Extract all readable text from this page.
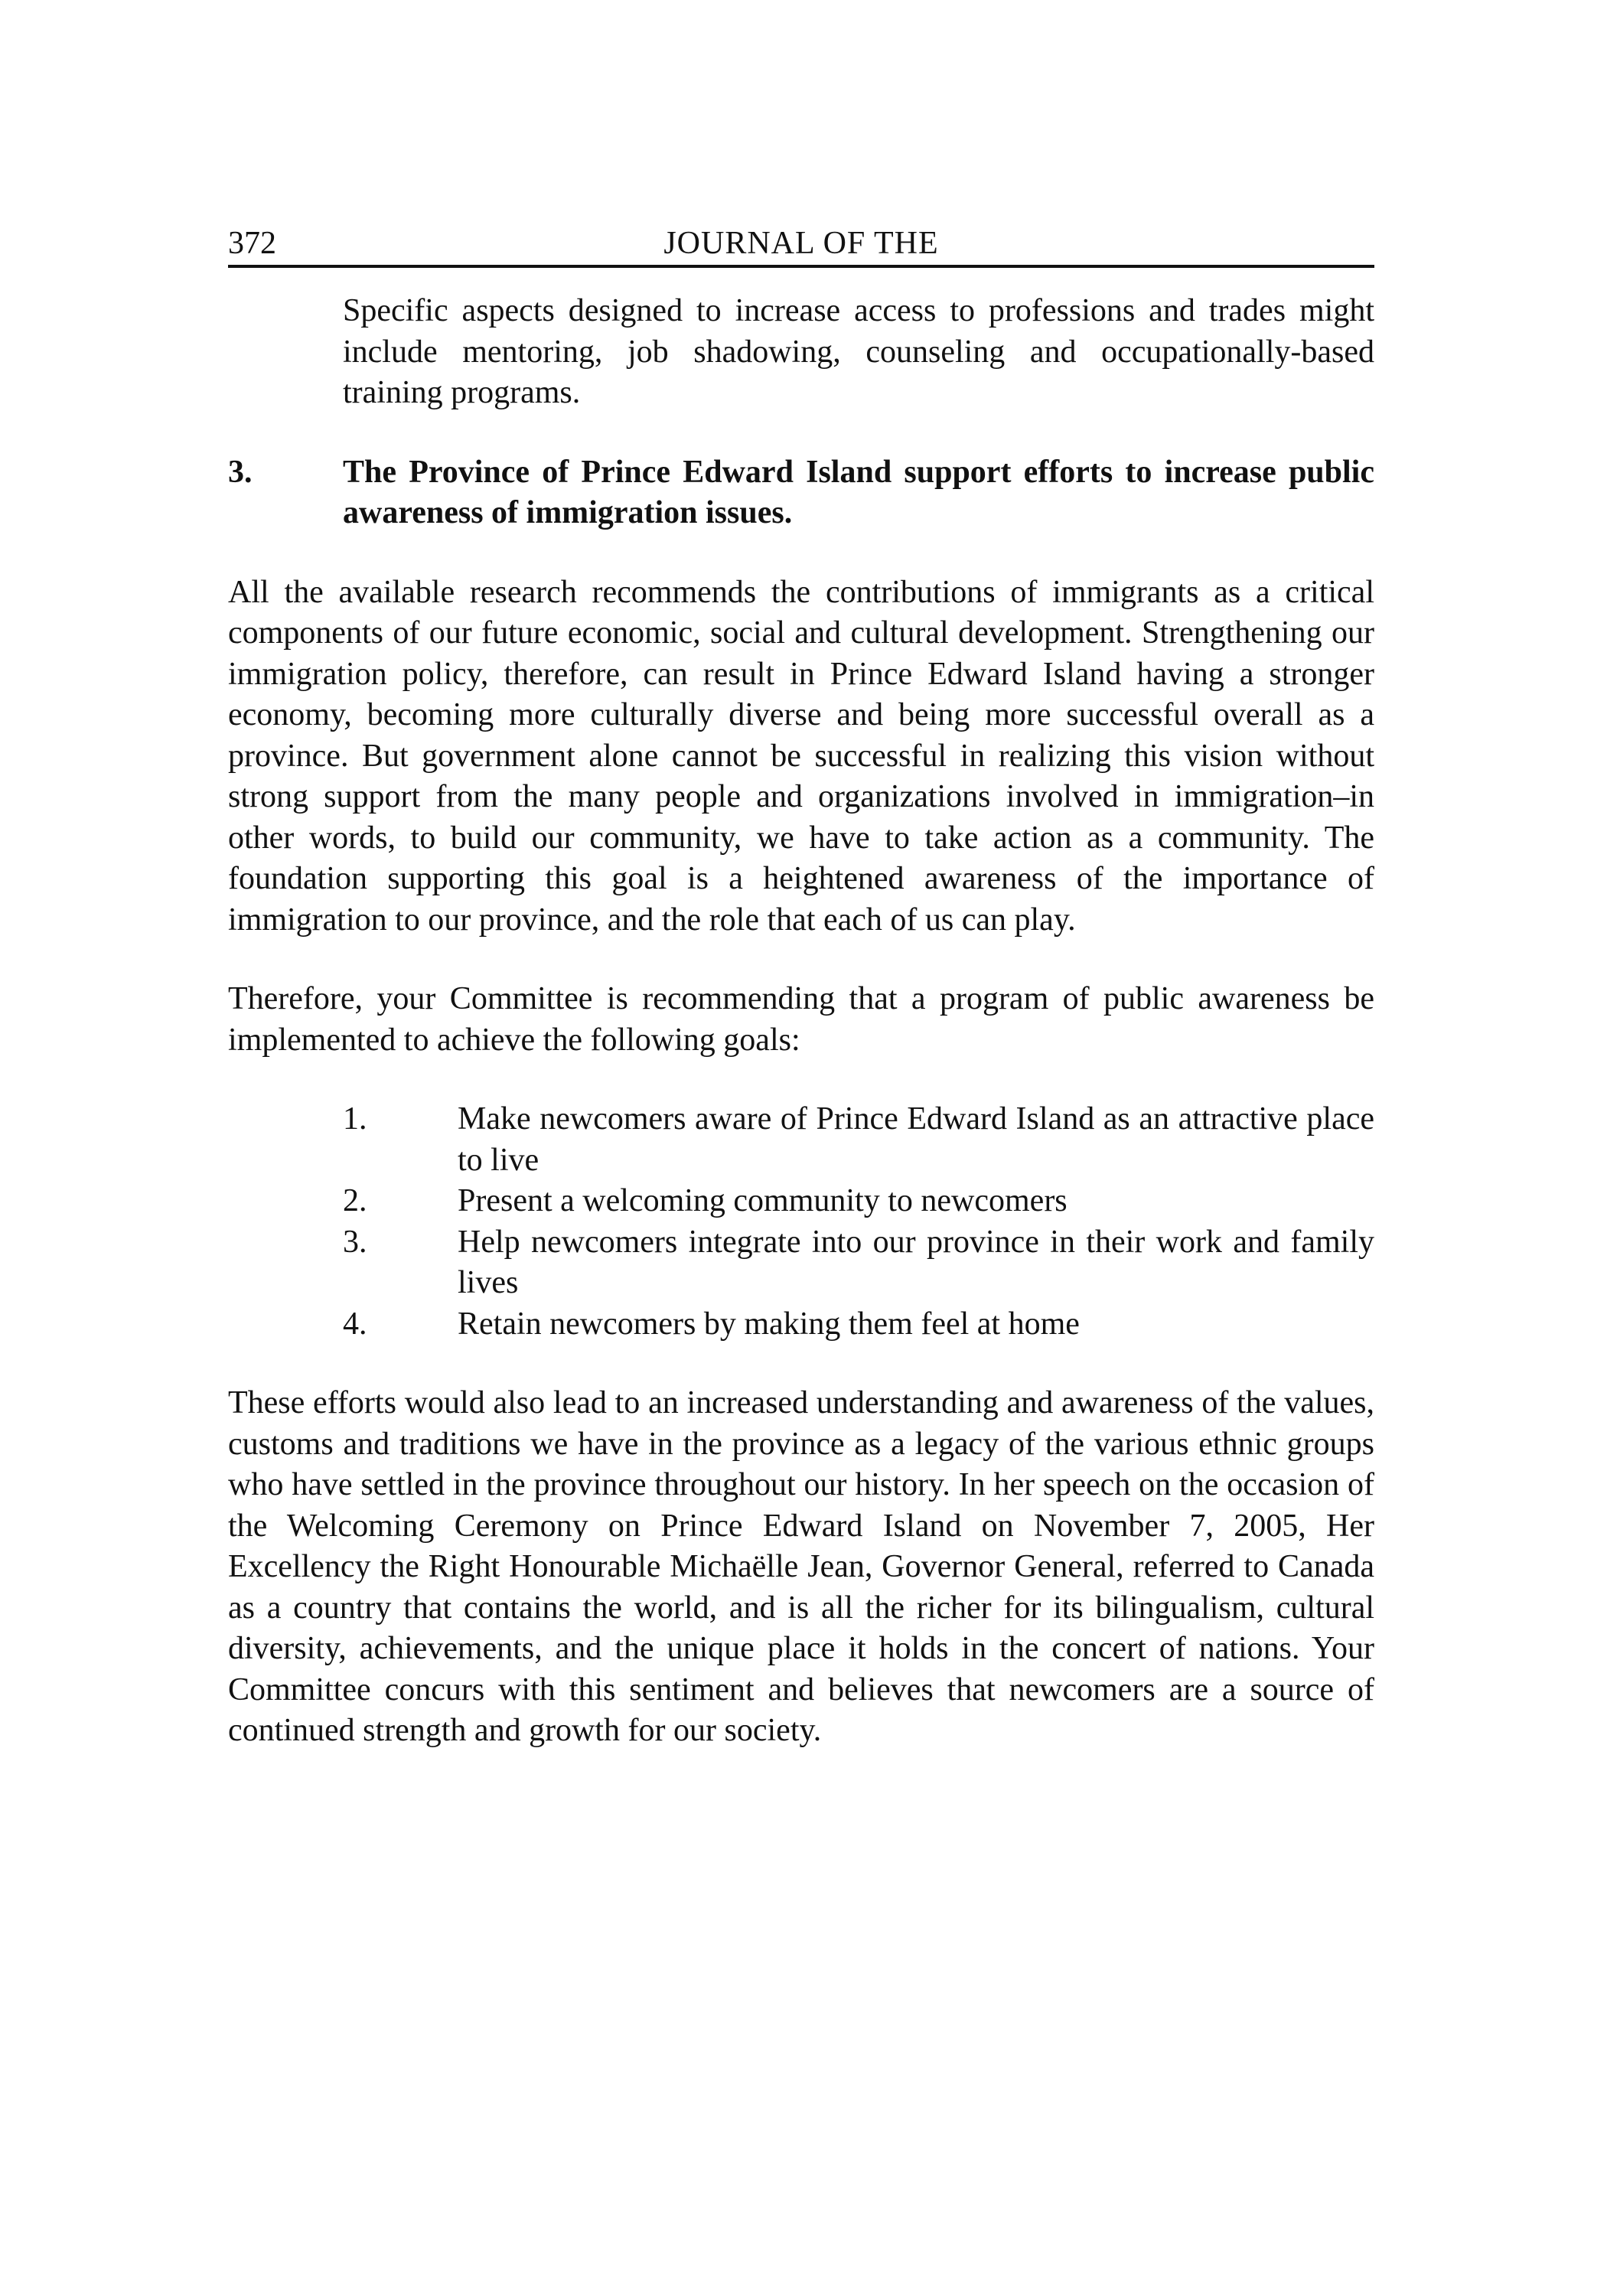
372	JOURNAL OF THE

Specific aspects designed to increase access to professions and trades might include mentoring, job shadowing, counseling and occupationally-based training programs.

3.	The Province of Prince Edward Island support efforts to increase public awareness of immigration issues.

All the available research recommends the contributions of immigrants as a critical components of our future economic, social and cultural development. Strengthening our immigration policy, therefore, can result in Prince Edward Island having a stronger economy, becoming more culturally diverse and being more successful overall as a province. But government alone cannot be successful in realizing this vision without strong support from the many people and organizations involved in immigration–in other words, to build our community, we have to take action as a community. The foundation supporting this goal is a heightened awareness of the importance of immigration to our province, and the role that each of us can play.

Therefore, your Committee is recommending that a program of public awareness be implemented to achieve the following goals:

1.	Make newcomers aware of Prince Edward Island as an attractive place to live
2.	Present a welcoming community to newcomers
3.	Help newcomers integrate into our province in their work and family lives
4.	Retain newcomers by making them feel at home

These efforts would also lead to an increased understanding and awareness of the values, customs and traditions we have in the province as a legacy of the various ethnic groups who have settled in the province throughout our history. In her speech on the occasion of the Welcoming Ceremony on Prince Edward Island on November 7, 2005, Her Excellency the Right Honourable Michaëlle Jean, Governor General, referred to Canada as a country that contains the world, and is all the richer for its bilingualism, cultural diversity, achievements, and the unique place it holds in the concert of nations. Your Committee concurs with this sentiment and believes that newcomers are a source of continued strength and growth for our society.
